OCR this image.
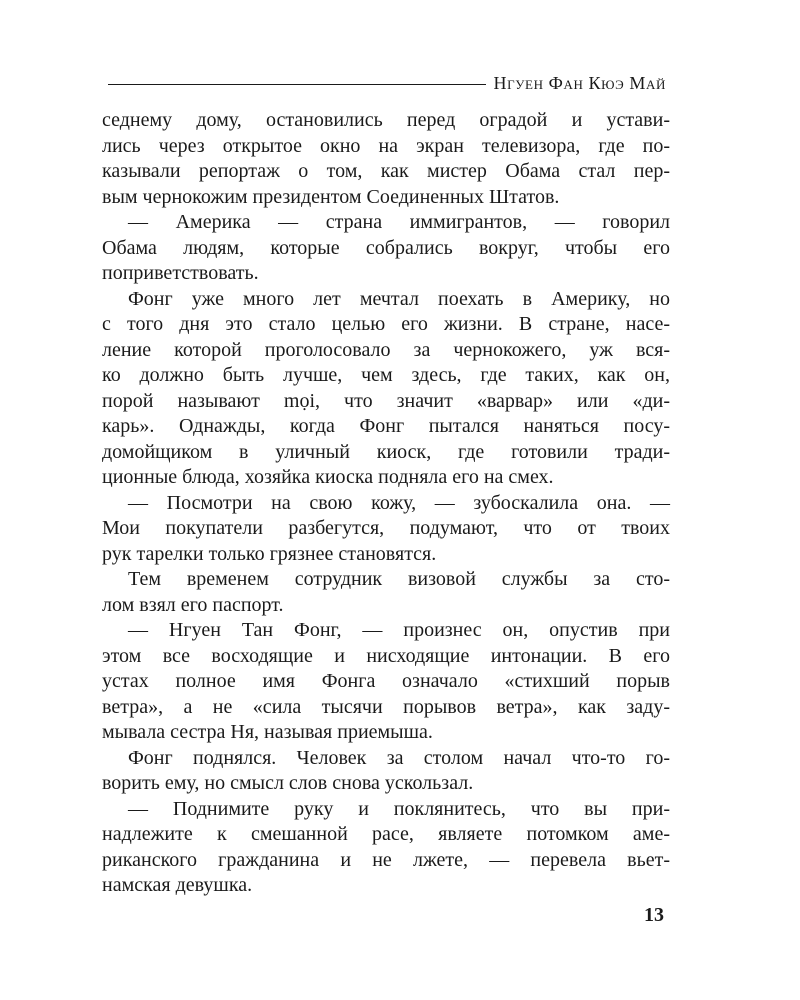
Нгуен Фан Кюэ Май
седнему дому, остановились перед оградой и устави-
лись через открытое окно на экран телевизора, где по-
казывали репортаж о том, как мистер Обама стал пер-
вым чернокожим президентом Соединенных Штатов.
— Америка — страна иммигрантов, — говорил
Обама людям, которые собрались вокруг, чтобы его
поприветствовать.
Фонг уже много лет мечтал поехать в Америку, но
с того дня это стало целью его жизни. В стране, насе-
ление которой проголосовало за чернокожего, уж вся-
ко должно быть лучше, чем здесь, где таких, как он,
порой называют mọi, что значит «варвар» или «ди-
карь». Однажды, когда Фонг пытался наняться посу-
домойщиком в уличный киоск, где готовили тради-
ционные блюда, хозяйка киоска подняла его на смех.
— Посмотри на свою кожу, — зубоскалила она. —
Мои покупатели разбегутся, подумают, что от твоих
рук тарелки только грязнее становятся.
Тем временем сотрудник визовой службы за сто-
лом взял его паспорт.
— Нгуен Тан Фонг, — произнес он, опустив при
этом все восходящие и нисходящие интонации. В его
устах полное имя Фонга означало «стихший порыв
ветра», а не «сила тысячи порывов ветра», как заду-
мывала сестра Ня, называя приемыша.
Фонг поднялся. Человек за столом начал что-то го-
ворить ему, но смысл слов снова ускользал.
— Поднимите руку и поклянитесь, что вы при-
надлежите к смешанной расе, являете потомком аме-
риканского гражданина и не лжете, — перевела вьет-
намская девушка.
13
